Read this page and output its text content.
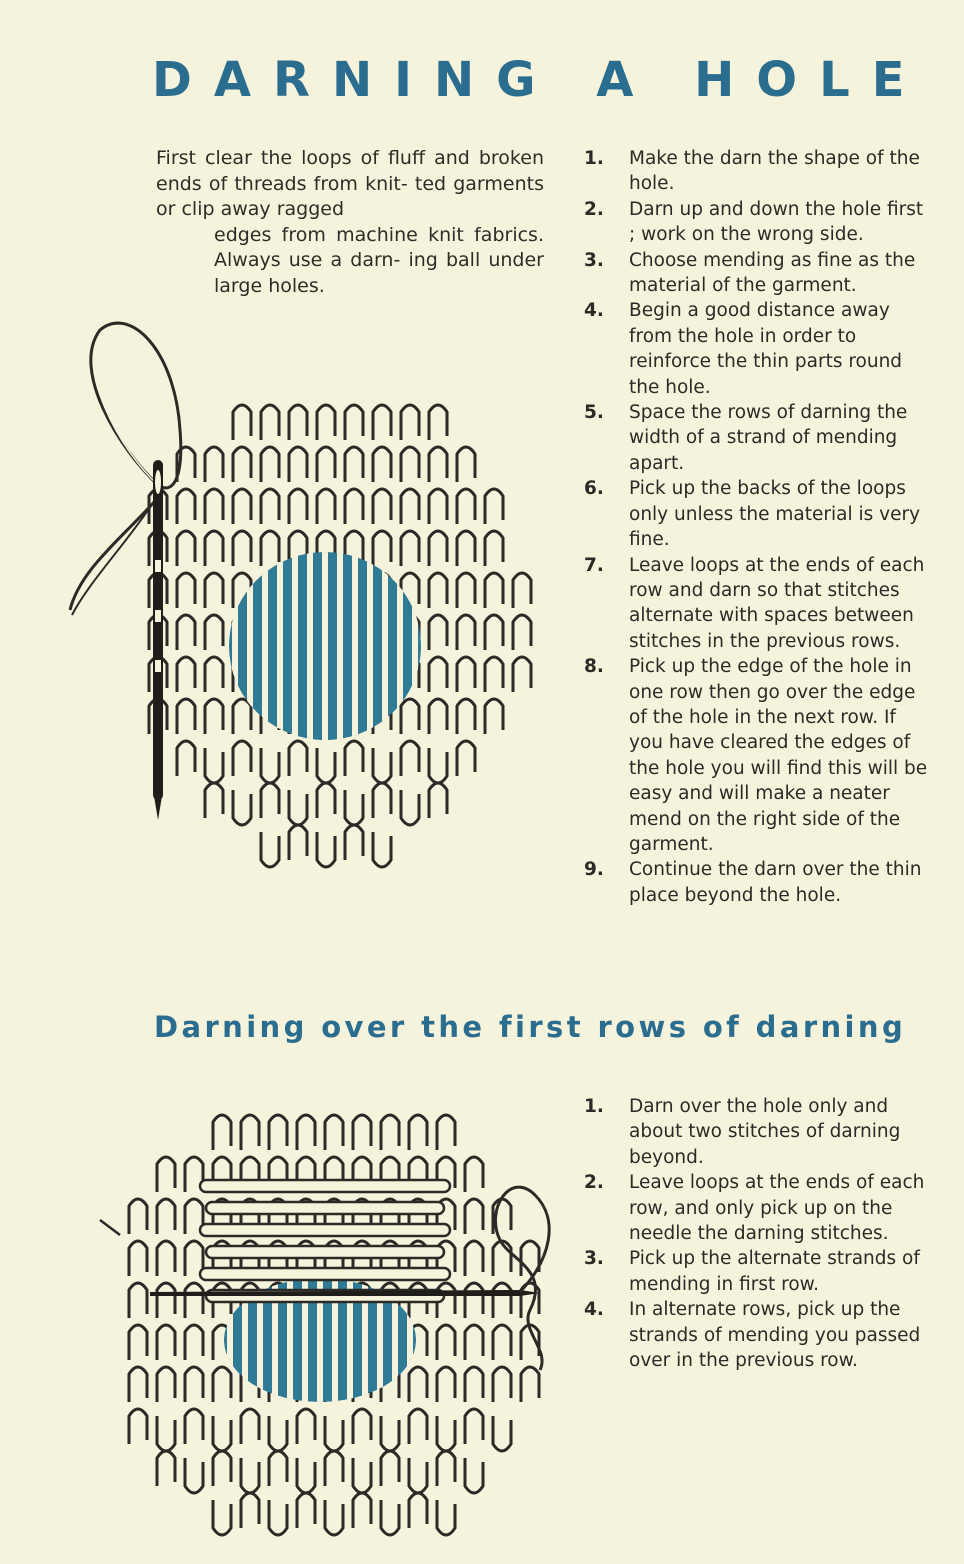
DARNING A HOLE
First clear the loops of fluff and broken ends of threads from knit- ted garments or clip away ragged
edges from machine knit fabrics. Always use a darn- ing ball under large holes.
1. Make the darn the shape of the hole.
2. Darn up and down the hole first ; work on the wrong side.
3. Choose mending as fine as the material of the garment.
4. Begin a good distance away from the hole in order to reinforce the thin parts round the hole.
5. Space the rows of darning the width of a strand of mending apart.
6. Pick up the backs of the loops only unless the material is very fine.
7. Leave loops at the ends of each row and darn so that stitches alternate with spaces between stitches in the previous rows.
8. Pick up the edge of the hole in one row then go over the edge of the hole in the next row. If you have cleared the edges of the hole you will find this will be easy and will make a neater mend on the right side of the garment.
9. Continue the darn over the thin place beyond the hole.
Darning over the first rows of darning
1. Darn over the hole only and about two stitches of darning beyond.
2. Leave loops at the ends of each row, and only pick up on the needle the darning stitches.
3. Pick up the alternate strands of mending in first row.
4. In alternate rows, pick up the strands of mending you passed over in the previous row.
